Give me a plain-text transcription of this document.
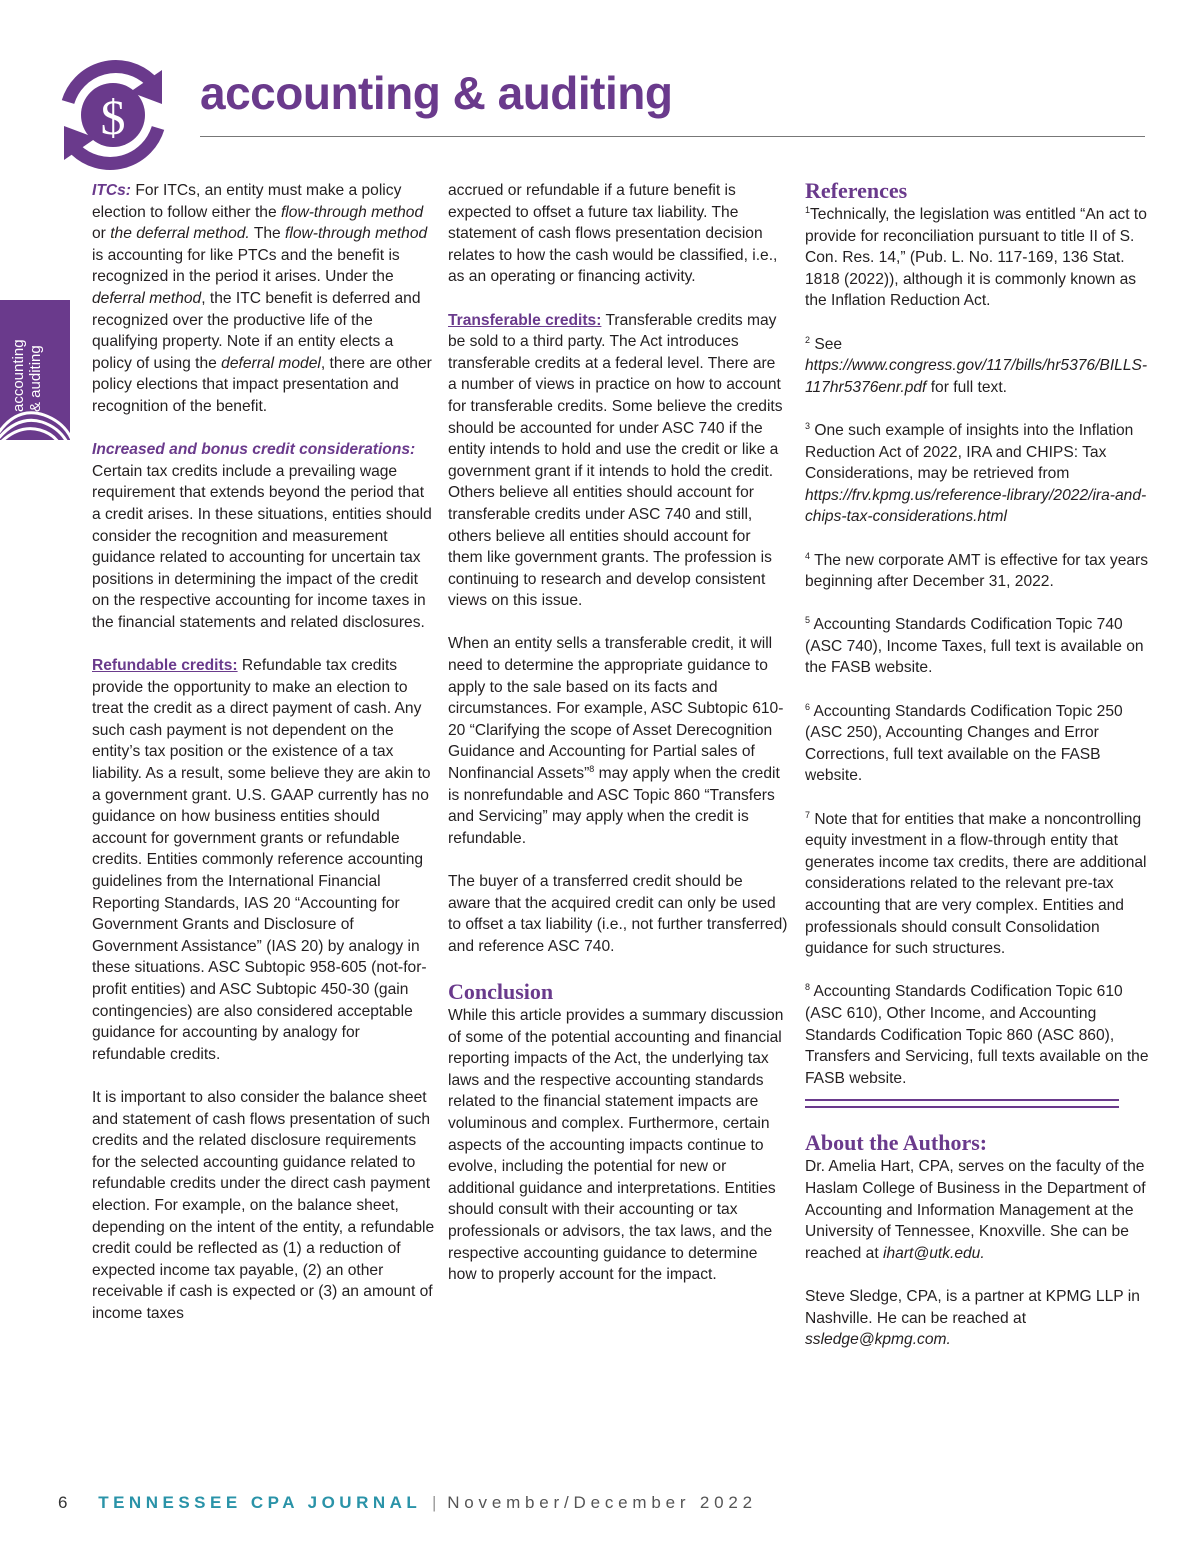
$ accounting & auditing
accounting & auditing

ITCs: For ITCs, an entity must make a policy election to follow either the flow-through method or the deferral method. The flow-through method is accounting for like PTCs and the benefit is recognized in the period it arises. Under the deferral method, the ITC benefit is deferred and recognized over the productive life of the qualifying property. Note if an entity elects a policy of using the deferral model, there are other policy elections that impact presentation and recognition of the benefit.

Increased and bonus credit considerations: Certain tax credits include a prevailing wage requirement that extends beyond the period that a credit arises. In these situations, entities should consider the recognition and measurement guidance related to accounting for uncertain tax positions in determining the impact of the credit on the respective accounting for income taxes in the financial statements and related disclosures.

Refundable credits: Refundable tax credits provide the opportunity to make an election to treat the credit as a direct payment of cash. Any such cash payment is not dependent on the entity’s tax position or the existence of a tax liability. As a result, some believe they are akin to a government grant. U.S. GAAP currently has no guidance on how business entities should account for government grants or refundable credits. Entities commonly reference accounting guidelines from the International Financial Reporting Standards, IAS 20 “Accounting for Government Grants and Disclosure of Government Assistance” (IAS 20) by analogy in these situations. ASC Subtopic 958-605 (not-for-profit entities) and ASC Subtopic 450-30 (gain contingencies) are also considered acceptable guidance for accounting by analogy for refundable credits.

It is important to also consider the balance sheet and statement of cash flows presentation of such credits and the related disclosure requirements for the selected accounting guidance related to refundable credits under the direct cash payment election. For example, on the balance sheet, depending on the intent of the entity, a refundable credit could be reflected as (1) a reduction of expected income tax payable, (2) an other receivable if cash is expected or (3) an amount of income taxes

accrued or refundable if a future benefit is expected to offset a future tax liability. The statement of cash flows presentation decision relates to how the cash would be classified, i.e., as an operating or financing activity.

Transferable credits: Transferable credits may be sold to a third party. The Act introduces transferable credits at a federal level. There are a number of views in practice on how to account for transferable credits. Some believe the credits should be accounted for under ASC 740 if the entity intends to hold and use the credit or like a government grant if it intends to hold the credit. Others believe all entities should account for transferable credits under ASC 740 and still, others believe all entities should account for them like government grants. The profession is continuing to research and develop consistent views on this issue.

When an entity sells a transferable credit, it will need to determine the appropriate guidance to apply to the sale based on its facts and circumstances. For example, ASC Subtopic 610-20 “Clarifying the scope of Asset Derecognition Guidance and Accounting for Partial sales of Nonfinancial Assets”$^8$ may apply when the credit is nonrefundable and ASC Topic 860 “Transfers and Servicing” may apply when the credit is refundable.

The buyer of a transferred credit should be aware that the acquired credit can only be used to offset a tax liability (i.e., not further transferred) and reference ASC 740.

Conclusion

While this article provides a summary discussion of some of the potential accounting and financial reporting impacts of the Act, the underlying tax laws and the respective accounting standards related to the financial statement impacts are voluminous and complex. Furthermore, certain aspects of the accounting impacts continue to evolve, including the potential for new or additional guidance and interpretations. Entities should consult with their accounting or tax professionals or advisors, the tax laws, and the respective accounting guidance to determine how to properly account for the impact.

References

$^1$Technically, the legislation was entitled “An act to provide for reconciliation pursuant to title II of S. Con. Res. 14,” (Pub. L. No. 117-169, 136 Stat. 1818 (2022)), although it is commonly known as the Inflation Reduction Act.

$^2$ See https://www.congress.gov/117/bills/hr5376/BILLS-117hr5376enr.pdf for full text.

$^3$ One such example of insights into the Inflation Reduction Act of 2022, IRA and CHIPS: Tax Considerations, may be retrieved from https://frv.kpmg.us/reference-library/2022/ira-and-chips-tax-considerations.html

$^4$ The new corporate AMT is effective for tax years beginning after December 31, 2022.

$^5$ Accounting Standards Codification Topic 740 (ASC 740), Income Taxes, full text is available on the FASB website.

$^6$ Accounting Standards Codification Topic 250 (ASC 250), Accounting Changes and Error Corrections, full text available on the FASB website.

$^7$ Note that for entities that make a noncontrolling equity investment in a flow-through entity that generates income tax credits, there are additional considerations related to the relevant pre-tax accounting that are very complex. Entities and professionals should consult Consolidation guidance for such structures.

$^8$ Accounting Standards Codification Topic 610 (ASC 610), Other Income, and Accounting Standards Codification Topic 860 (ASC 860), Transfers and Servicing, full texts available on the FASB website.

About the Authors:

Dr. Amelia Hart, CPA, serves on the faculty of the Haslam College of Business in the Department of Accounting and Information Management at the University of Tennessee, Knoxville. She can be reached at ihart@utk.edu.

Steve Sledge, CPA, is a partner at KPMG LLP in Nashville. He can be reached at ssledge@kpmg.com.

6 TENNESSEE CPA JOURNAL | November/December 2022
